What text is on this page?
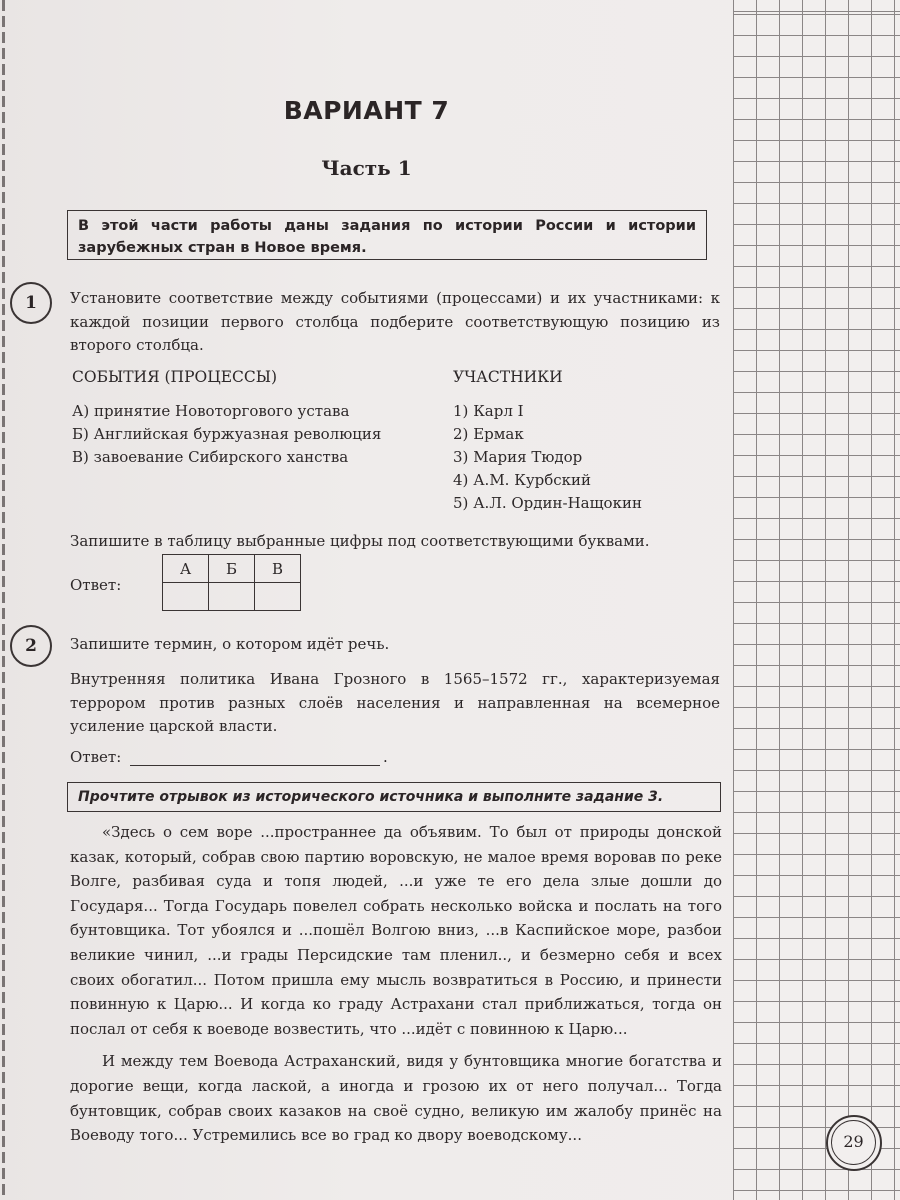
ВАРИАНТ 7
Часть 1
В этой части работы даны задания по истории России и истории зарубежных стран в Новое время.
1	Установите соответствие между событиями (процессами) и их участниками: к каждой позиции первого столбца подберите соответствующую позицию из второго столбца.
СОБЫТИЯ (ПРОЦЕССЫ)	УЧАСТНИКИ
А) принятие Новоторгового устава
Б) Английская буржуазная революция
В) завоевание Сибирского ханства
1) Карл I
2) Ермак
3) Мария Тюдор
4) А.М. Курбский
5) А.Л. Ордин-Нащокин
Запишите в таблицу выбранные цифры под соответствующими буквами.
Ответ:
А	Б	В

2	Запишите термин, о котором идёт речь.
Внутренняя политика Ивана Грозного в 1565–1572 гг., характеризуемая террором против разных слоёв населения и направленная на всемерное усиление царской власти.
Ответ:	.
Прочтите отрывок из исторического источника и выполните задание 3.

«Здесь о сем воре ...пространнее да объявим. То был от природы донской казак, который, собрав свою партию воровскую, не малое время воровав по реке Волге, разбивая суда и топя людей, ...и уже те его дела злые дошли до Государя... Тогда Государь повелел собрать несколько войска и послать на того бунтовщика. Тот убоялся и ...пошёл Волгою вниз, ...в Каспийское море, разбои великие чинил, ...и грады Персидские там пленил.., и безмерно себя и всех своих обогатил... Потом пришла ему мысль возвратиться в Россию, и принести повинную к Царю... И когда ко граду Астрахани стал приближаться, тогда он послал от себя к воеводе возвестить, что ...идёт с повинною к Царю...

И между тем Воевода Астраханский, видя у бунтовщика многие богатства и дорогие вещи, когда лаской, а иногда и грозою их от него получал... Тогда бунтовщик, собрав своих казаков на своё судно, великую им жалобу принёс на Воеводу того... Устремились все во град ко двору воеводскому...	29
